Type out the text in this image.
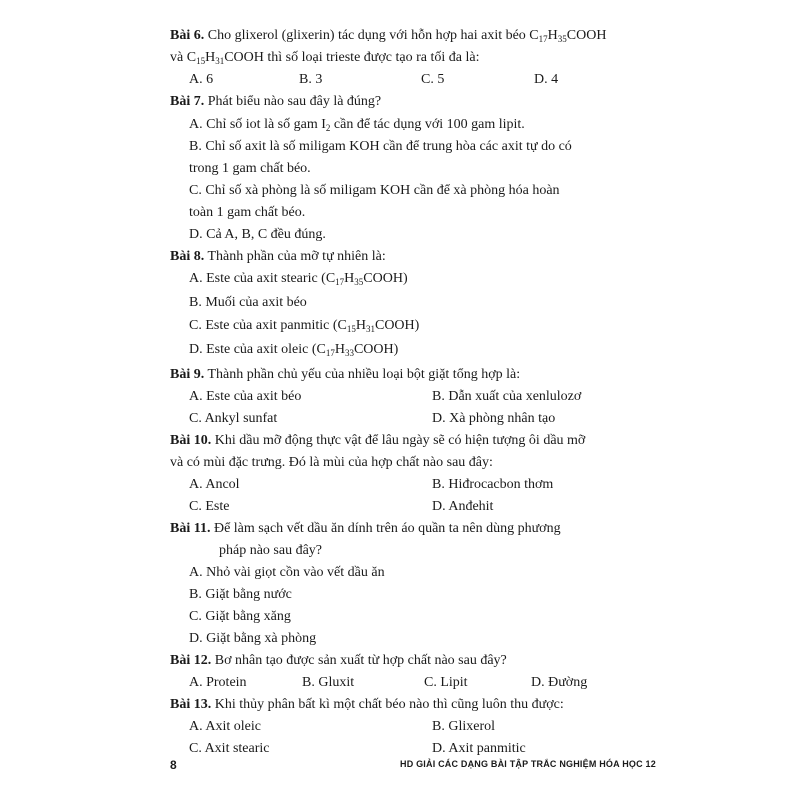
Bài 6. Cho glixerol (glixerin) tác dụng với hỗn hợp hai axit béo $C_{17}H_{35}COOH$
và $C_{15}H_{31}COOH$ thì số loại trieste được tạo ra tối đa là:
A. 6	B. 3	C. 5	D. 4
Bài 7. Phát biểu nào sau đây là đúng?
A. Chỉ số iot là số gam $I_2$ cần để tác dụng với 100 gam lipit.
B. Chỉ số axit là số miligam KOH cần để trung hòa các axit tự do có
trong 1 gam chất béo.
C. Chỉ số xà phòng là số miligam KOH cần để xà phòng hóa hoàn
toàn 1 gam chất béo.
D. Cả A, B, C đều đúng.
Bài 8. Thành phần của mỡ tự nhiên là:
A. Este của axit stearic $(C_{17}H_{35}COOH)$
B. Muối của axit béo
C. Este của axit panmitic $(C_{15}H_{31}COOH)$
D. Este của axit oleic $(C_{17}H_{33}COOH)$
Bài 9. Thành phần chủ yếu của nhiều loại bột giặt tổng hợp là:
A. Este của axit béo	B. Dẫn xuất của xenlulozơ
C. Ankyl sunfat	D. Xà phòng nhân tạo
Bài 10. Khi dầu mỡ động thực vật để lâu ngày sẽ có hiện tượng ôi dầu mỡ
và có mùi đặc trưng. Đó là mùi của hợp chất nào sau đây:
A. Ancol	B. Hiđrocacbon thơm
C. Este	D. Anđehit
Bài 11. Để làm sạch vết dầu ăn dính trên áo quần ta nên dùng phương
pháp nào sau đây?
A. Nhỏ vài giọt cồn vào vết dầu ăn
B. Giặt bằng nước
C. Giặt bằng xăng
D. Giặt bằng xà phòng
Bài 12. Bơ nhân tạo được sản xuất từ hợp chất nào sau đây?
A. Protein	B. Gluxit	C. Lipit	D. Đường
Bài 13. Khi thủy phân bất kì một chất béo nào thì cũng luôn thu được:
A. Axit oleic	B. Glixerol
C. Axit stearic	D. Axit panmitic
8	HD GIẢI CÁC DẠNG BÀI TẬP TRẮC NGHIỆM HÓA HỌC 12
